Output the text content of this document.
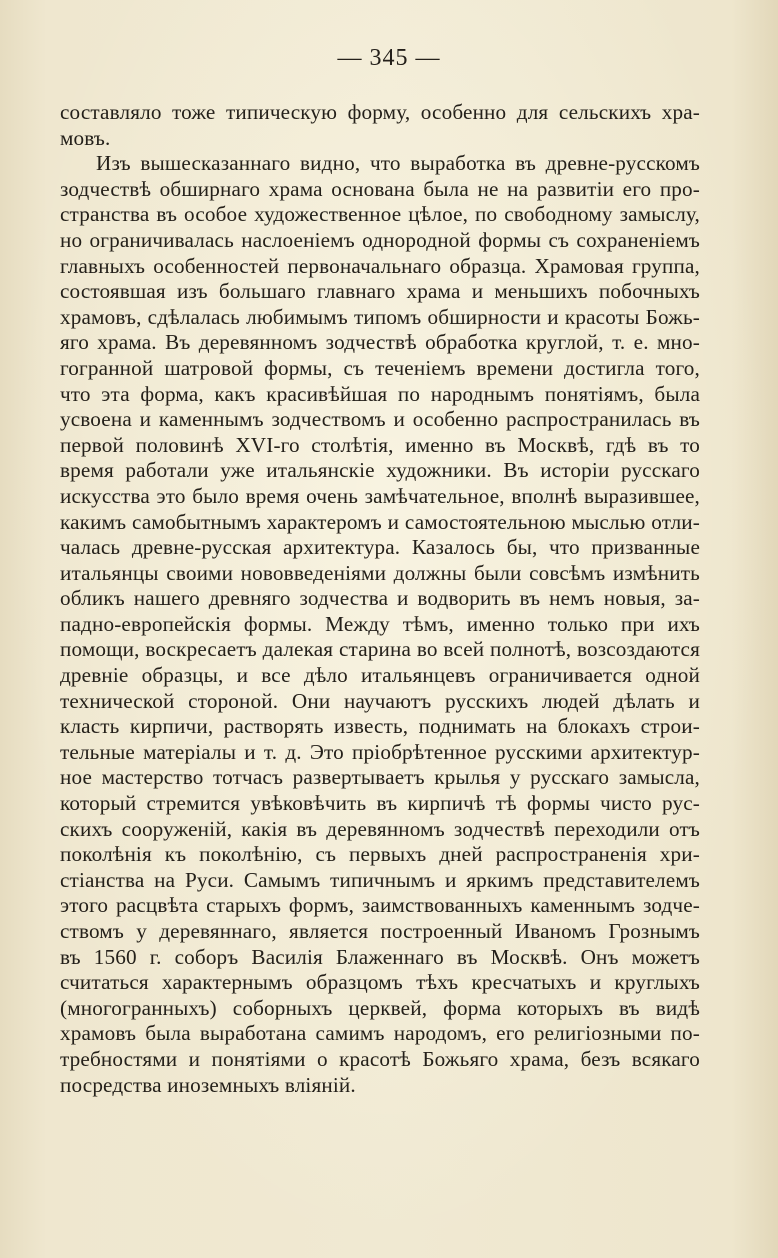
— 345 —
составляло тоже типическую форму, особенно для сельскихъ хра-
мовъ.
Изъ вышесказаннаго видно, что выработка въ древне-русскомъ
зодчествѣ обширнаго храма основана была не на развитіи его про-
странства въ особое художественное цѣлое, по свободному замыслу,
но ограничивалась наслоеніемъ однородной формы съ сохраненіемъ
главныхъ особенностей первоначальнаго образца. Храмовая группа,
состоявшая изъ большаго главнаго храма и меньшихъ побочныхъ
храмовъ, сдѣлалась любимымъ типомъ обширности и красоты Божь-
яго храма. Въ деревянномъ зодчествѣ обработка круглой, т. е. мно-
гогранной шатровой формы, съ теченіемъ времени достигла того,
что эта форма, какъ красивѣйшая по народнымъ понятіямъ, была
усвоена и каменнымъ зодчествомъ и особенно распространилась въ
первой половинѣ XVI-го столѣтія, именно въ Москвѣ, гдѣ въ то
время работали уже итальянскіе художники. Въ исторіи русскаго
искусства это было время очень замѣчательное, вполнѣ выразившее,
какимъ самобытнымъ характеромъ и самостоятельною мыслью отли-
чалась древне-русская архитектура. Казалось бы, что призванные
итальянцы своими нововведеніями должны были совсѣмъ измѣнить
обликъ нашего древняго зодчества и водворить въ немъ новыя, за-
падно-европейскія формы. Между тѣмъ, именно только при ихъ
помощи, воскресаетъ далекая старина во всей полнотѣ, возсоздаются
древніе образцы, и все дѣло итальянцевъ ограничивается одной
технической стороной. Они научаютъ русскихъ людей дѣлать и
класть кирпичи, растворять известь, поднимать на блокахъ строи-
тельные матеріалы и т. д. Это пріобрѣтенное русскими архитектур-
ное мастерство тотчасъ развертываетъ крылья у русскаго замысла,
который стремится увѣковѣчить въ кирпичѣ тѣ формы чисто рус-
скихъ сооруженій, какія въ деревянномъ зодчествѣ переходили отъ
поколѣнія къ поколѣнію, съ первыхъ дней распространенія хри-
стіанства на Руси. Самымъ типичнымъ и яркимъ представителемъ
этого расцвѣта старыхъ формъ, заимствованныхъ каменнымъ зодче-
ствомъ у деревяннаго, является построенный Иваномъ Грознымъ
въ 1560 г. соборъ Василія Блаженнаго въ Москвѣ. Онъ можетъ
считаться характернымъ образцомъ тѣхъ кресчатыхъ и круглыхъ
(многогранныхъ) соборныхъ церквей, форма которыхъ въ видѣ
храмовъ была выработана самимъ народомъ, его религіозными по-
требностями и понятіями о красотѣ Божьяго храма, безъ всякаго
посредства иноземныхъ вліяній.
